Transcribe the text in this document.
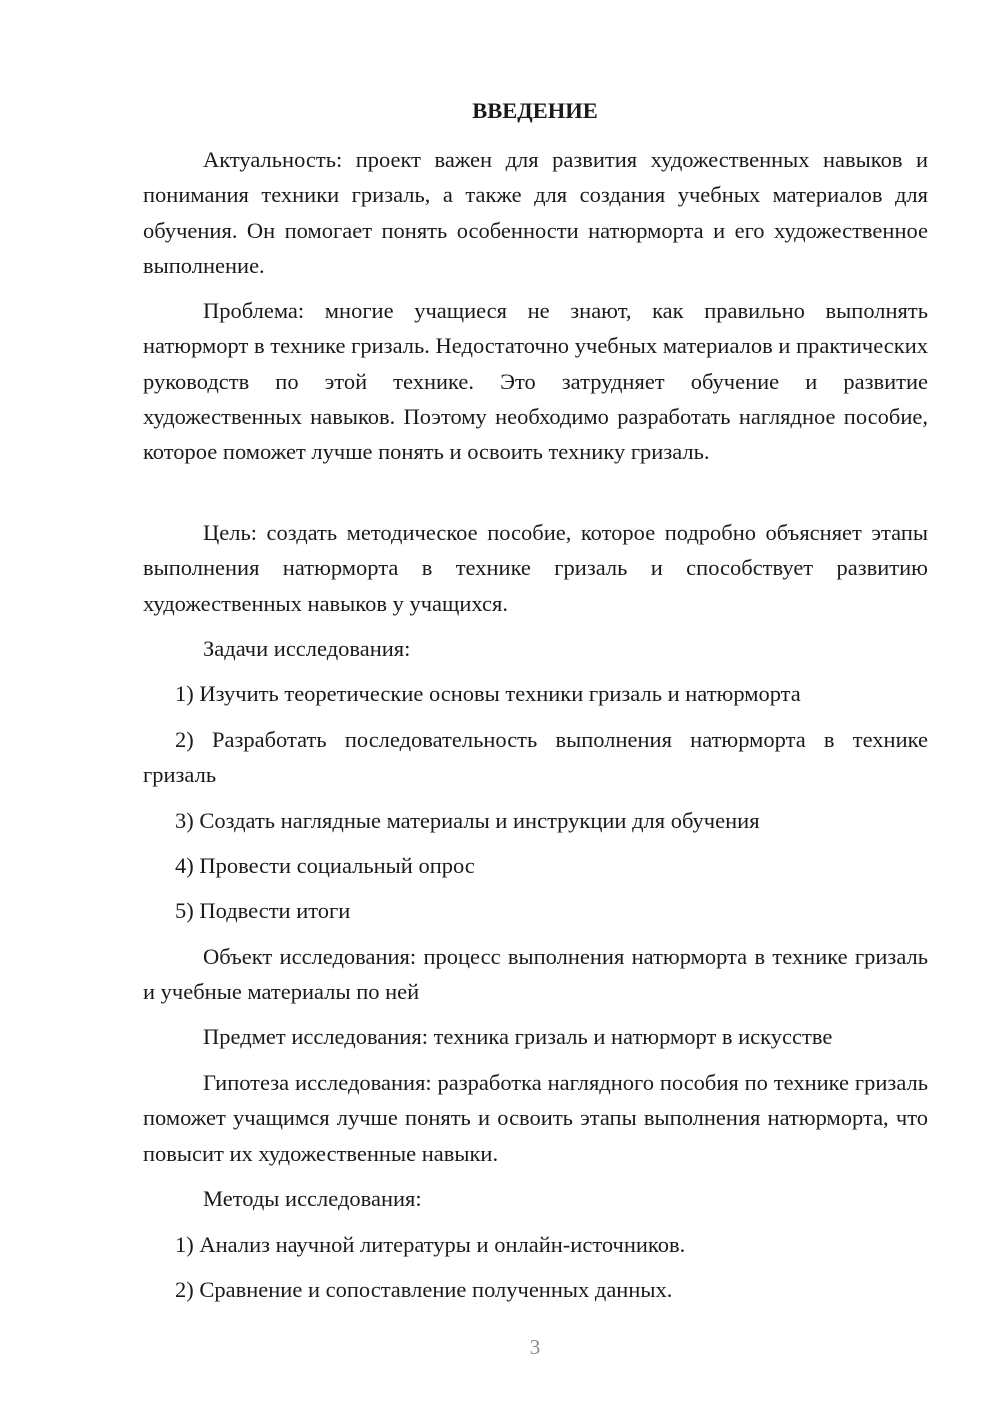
ВВЕДЕНИЕ

Актуальность: проект важен для развития художественных навыков и понимания техники гризаль, а также для создания учебных материалов для обучения. Он помогает понять особенности натюрморта и его художественное выполнение.

Проблема: многие учащиеся не знают, как правильно выполнять натюрморт в технике гризаль. Недостаточно учебных материалов и практических руководств по этой технике. Это затрудняет обучение и развитие художественных навыков. Поэтому необходимо разработать наглядное пособие, которое поможет лучше понять и освоить технику гризаль.

Цель: создать методическое пособие, которое подробно объясняет этапы выполнения натюрморта в технике гризаль и способствует развитию художественных навыков у учащихся.

Задачи исследования:

1) Изучить теоретические основы техники гризаль и натюрморта

2) Разработать последовательность выполнения натюрморта в технике гризаль

3) Создать наглядные материалы и инструкции для обучения

4) Провести социальный опрос

5) Подвести итоги

Объект исследования: процесс выполнения натюрморта в технике гризаль и учебные материалы по ней

Предмет исследования: техника гризаль и натюрморт в искусстве

Гипотеза исследования: разработка наглядного пособия по технике гризаль поможет учащимся лучше понять и освоить этапы выполнения натюрморта, что повысит их художественные навыки.

Методы исследования:

1) Анализ научной литературы и онлайн-источников.

2) Сравнение и сопоставление полученных данных.

3
